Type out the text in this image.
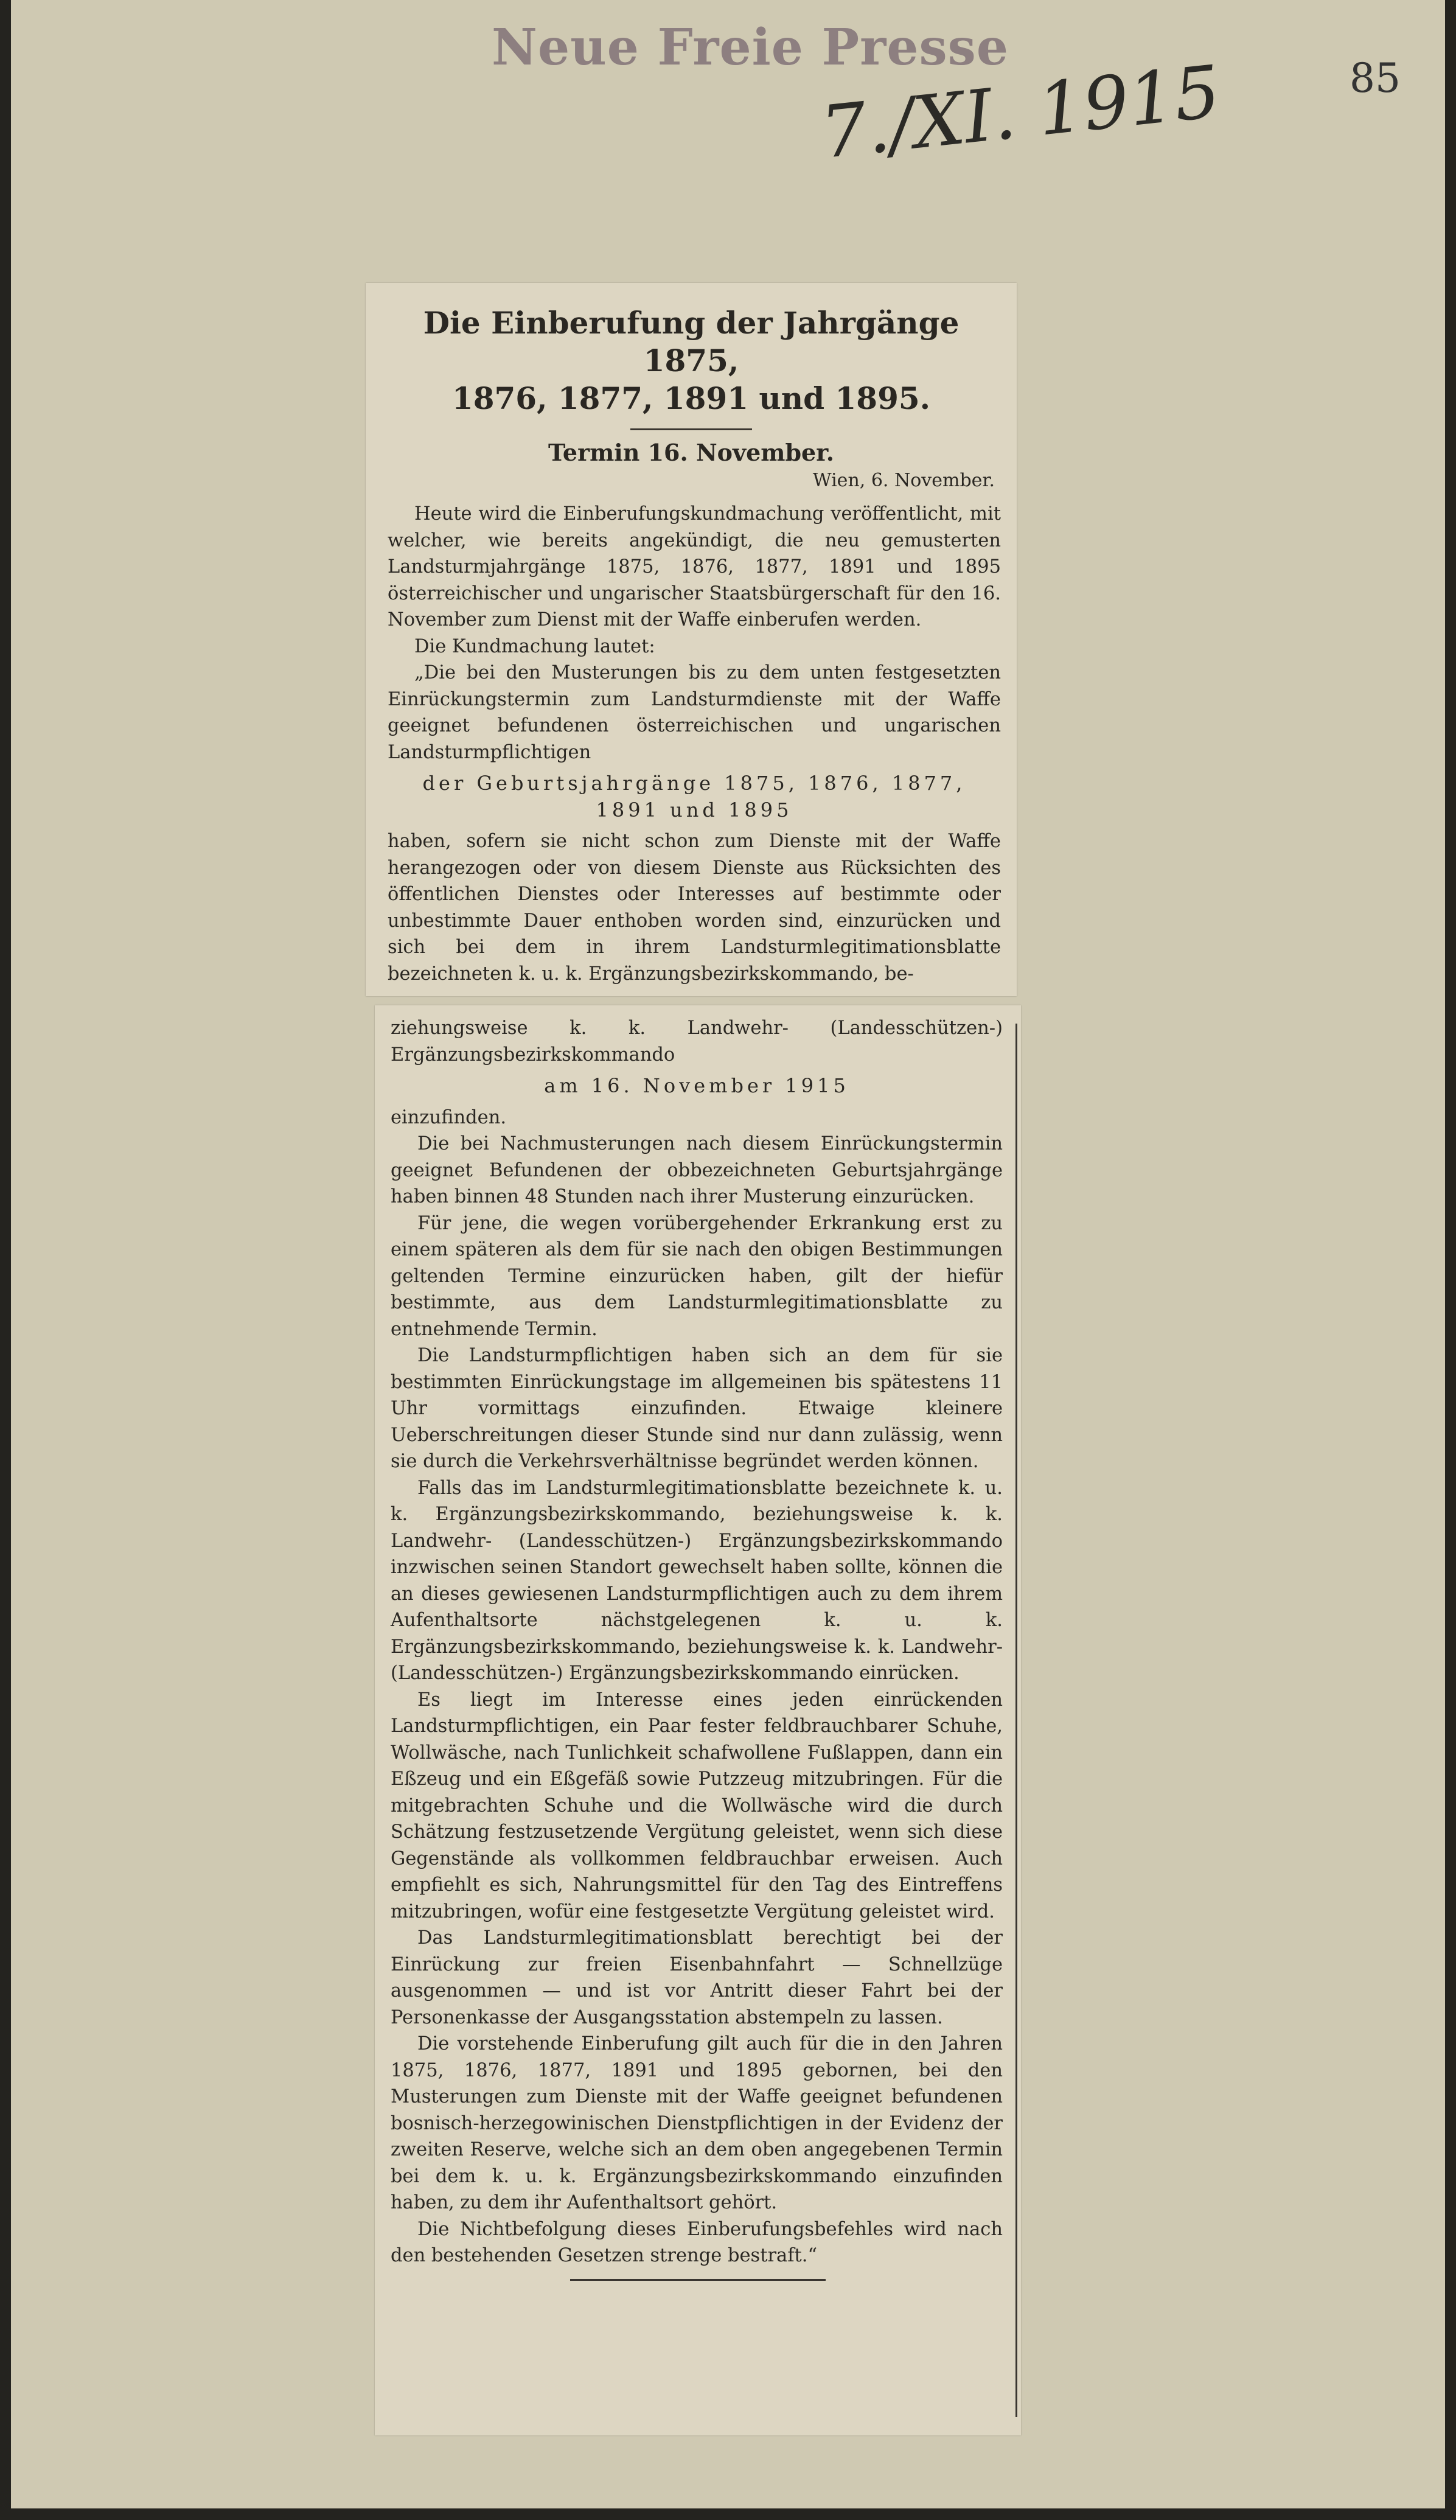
Neue Freie Presse
7./XI. 1915	85
Die Einberufung der Jahrgänge 1875,
1876, 1877, 1891 und 1895.
Termin 16. November.
Wien, 6. November.

Heute wird die Einberufungskundmachung veröffentlicht, mit welcher, wie bereits angekündigt, die neu gemusterten Landsturmjahrgänge 1875, 1876, 1877, 1891 und 1895 österreichischer und ungarischer Staatsbürgerschaft für den 16. November zum Dienst mit der Waffe einberufen werden.

Die Kundmachung lautet:

„Die bei den Musterungen bis zu dem unten festgesetzten Einrückungstermin zum Landsturmdienste mit der Waffe geeignet befundenen österreichischen und ungarischen Landsturmpflichtigen

der Geburtsjahrgänge 1875, 1876, 1877, 1891 und 1895

haben, sofern sie nicht schon zum Dienste mit der Waffe herangezogen oder von diesem Dienste aus Rücksichten des öffentlichen Dienstes oder Interesses auf bestimmte oder unbestimmte Dauer enthoben worden sind, einzurücken und sich bei dem in ihrem Landsturmlegitimationsblatte bezeichneten k. u. k. Ergänzungsbezirkskommando, be-

ziehungsweise k. k. Landwehr- (Landesschützen-) Ergänzungsbezirkskommando

am 16. November 1915

einzufinden.

Die bei Nachmusterungen nach diesem Einrückungstermin geeignet Befundenen der obbezeichneten Geburtsjahrgänge haben binnen 48 Stunden nach ihrer Musterung einzurücken.

Für jene, die wegen vorübergehender Erkrankung erst zu einem späteren als dem für sie nach den obigen Bestimmungen geltenden Termine einzurücken haben, gilt der hiefür bestimmte, aus dem Landsturmlegitimationsblatte zu entnehmende Termin.

Die Landsturmpflichtigen haben sich an dem für sie bestimmten Einrückungstage im allgemeinen bis spätestens 11 Uhr vormittags einzufinden. Etwaige kleinere Ueberschreitungen dieser Stunde sind nur dann zulässig, wenn sie durch die Verkehrsverhältnisse begründet werden können.

Falls das im Landsturmlegitimationsblatte bezeichnete k. u. k. Ergänzungsbezirkskommando, beziehungsweise k. k. Landwehr- (Landesschützen-) Ergänzungsbezirkskommando inzwischen seinen Standort gewechselt haben sollte, können die an dieses gewiesenen Landsturmpflichtigen auch zu dem ihrem Aufenthaltsorte nächstgelegenen k. u. k. Ergänzungsbezirkskommando, beziehungsweise k. k. Landwehr- (Landesschützen-) Ergänzungsbezirkskommando einrücken.

Es liegt im Interesse eines jeden einrückenden Landsturmpflichtigen, ein Paar fester feldbrauchbarer Schuhe, Wollwäsche, nach Tunlichkeit schafwollene Fußlappen, dann ein Eßzeug und ein Eßgefäß sowie Putzzeug mitzubringen. Für die mitgebrachten Schuhe und die Wollwäsche wird die durch Schätzung festzusetzende Vergütung geleistet, wenn sich diese Gegenstände als vollkommen feldbrauchbar erweisen. Auch empfiehlt es sich, Nahrungsmittel für den Tag des Eintreffens mitzubringen, wofür eine festgesetzte Vergütung geleistet wird.

Das Landsturmlegitimationsblatt berechtigt bei der Einrückung zur freien Eisenbahnfahrt — Schnellzüge ausgenommen — und ist vor Antritt dieser Fahrt bei der Personenkasse der Ausgangsstation abstempeln zu lassen.

Die vorstehende Einberufung gilt auch für die in den Jahren 1875, 1876, 1877, 1891 und 1895 gebornen, bei den Musterungen zum Dienste mit der Waffe geeignet befundenen bosnisch-herzegowinischen Dienstpflichtigen in der Evidenz der zweiten Reserve, welche sich an dem oben angegebenen Termin bei dem k. u. k. Ergänzungsbezirkskommando einzufinden haben, zu dem ihr Aufenthaltsort gehört.

Die Nichtbefolgung dieses Einberufungsbefehles wird nach den bestehenden Gesetzen strenge bestraft.“
